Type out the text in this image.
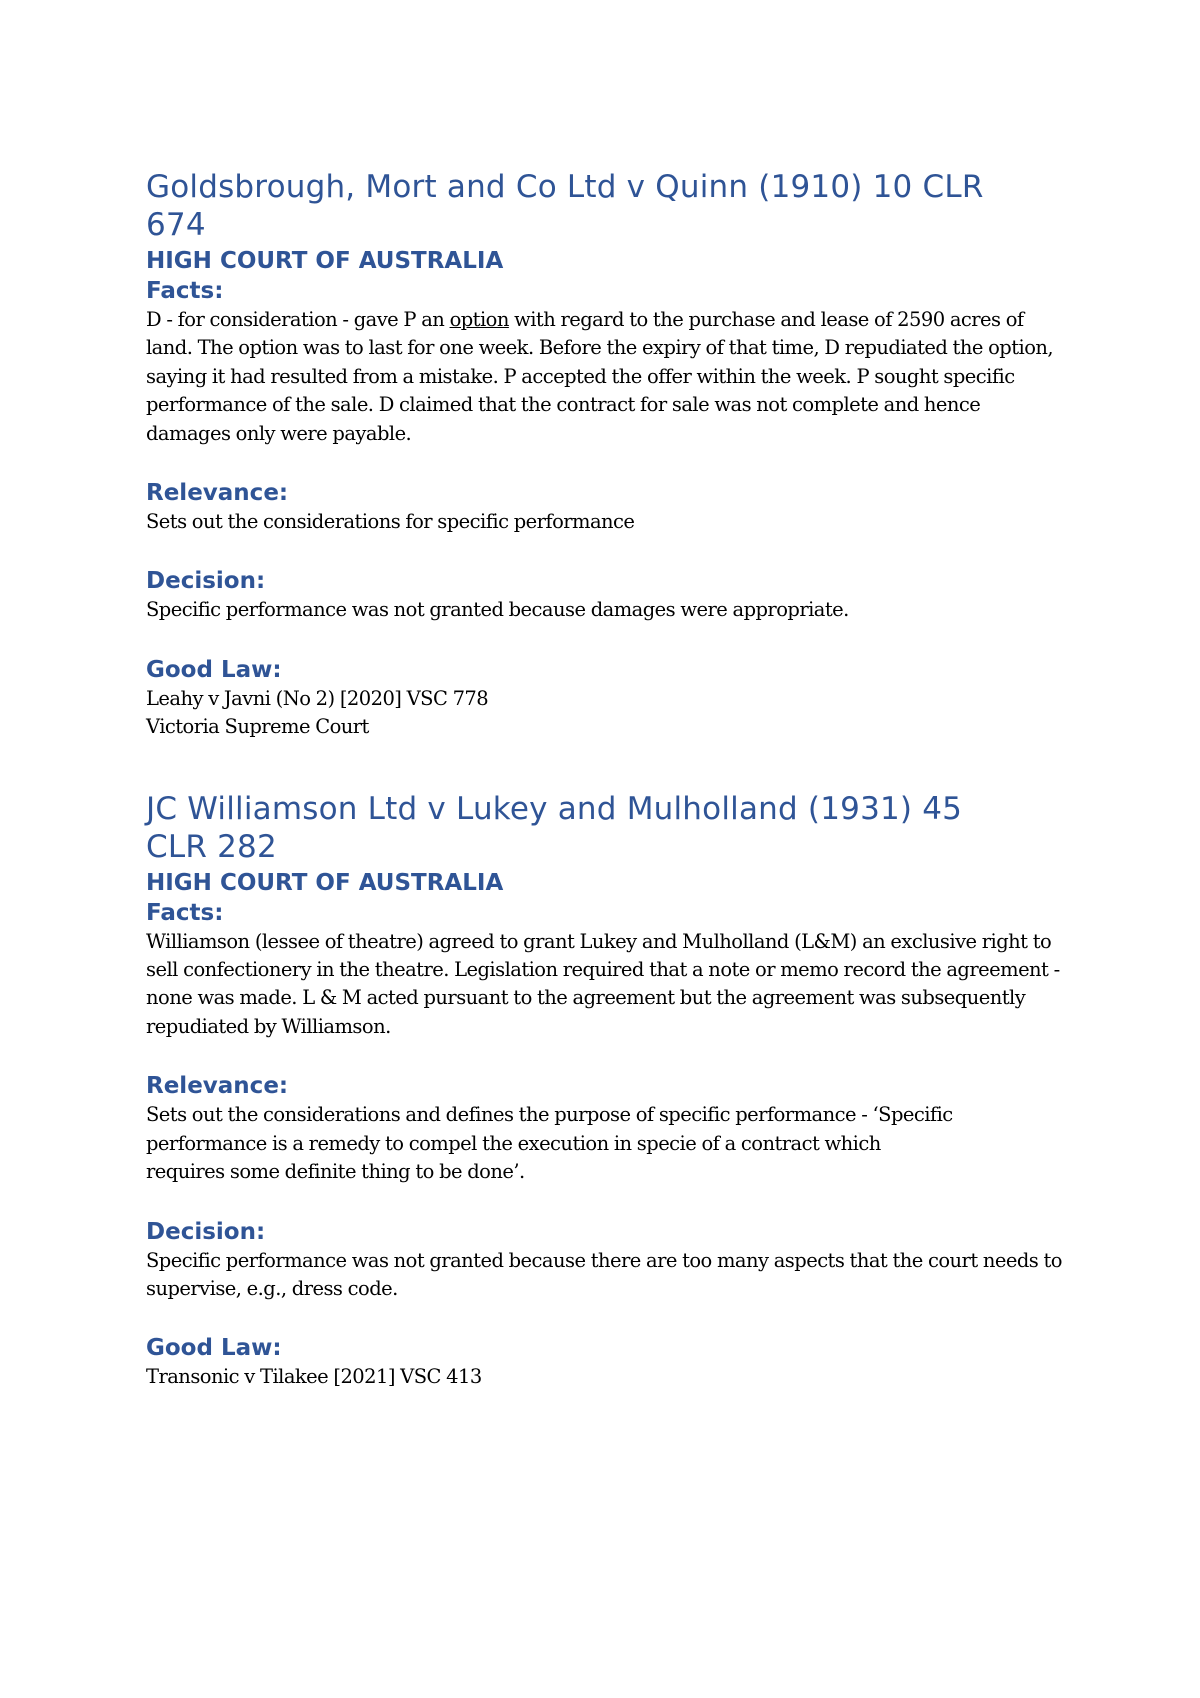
Goldsbrough, Mort and Co Ltd v Quinn (1910) 10 CLR
674
HIGH COURT OF AUSTRALIA
Facts:

D - for consideration - gave P an option with regard to the purchase and lease of 2590 acres of land. The option was to last for one week. Before the expiry of that time, D repudiated the option, saying it had resulted from a mistake. P accepted the offer within the week. P sought specific performance of the sale. D claimed that the contract for sale was not complete and hence damages only were payable.

Relevance:

Sets out the considerations for specific performance

Decision:

Specific performance was not granted because damages were appropriate.

Good Law:

Leahy v Javni (No 2) [2020] VSC 778

Victoria Supreme Court

JC Williamson Ltd v Lukey and Mulholland (1931) 45
CLR 282
HIGH COURT OF AUSTRALIA
Facts:

Williamson (lessee of theatre) agreed to grant Lukey and Mulholland (L&M) an exclusive right to sell confectionery in the theatre. Legislation required that a note or memo record the agreement - none was made. L & M acted pursuant to the agreement but the agreement was subsequently repudiated by Williamson.

Relevance:

Sets out the considerations and defines the purpose of specific performance - ‘Specific performance is a remedy to compel the execution in specie of a contract which
requires some definite thing to be done’.

Decision:

Specific performance was not granted because there are too many aspects that the court needs to supervise, e.g., dress code.

Good Law:

Transonic v Tilakee [2021] VSC 413
